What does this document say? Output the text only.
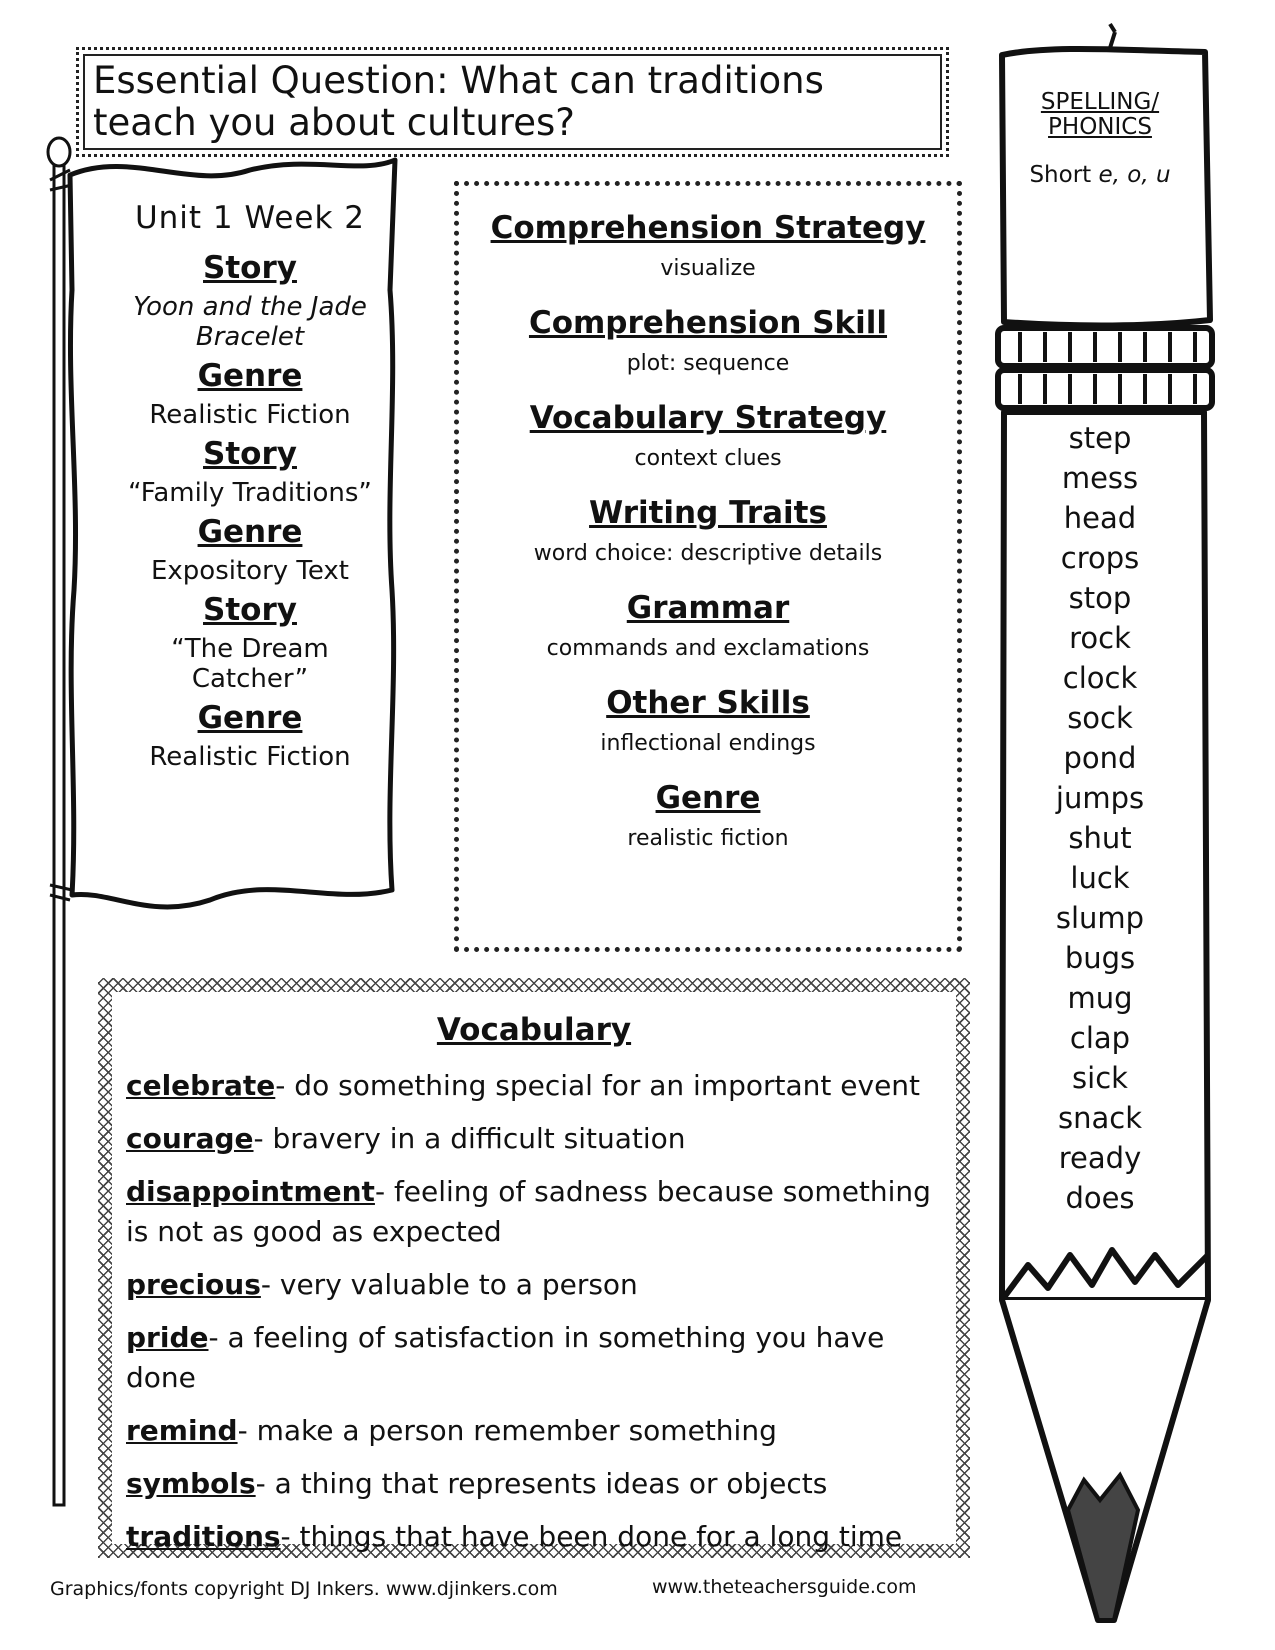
Essential Question: What can traditions teach you about cultures?
Unit 1 Week 2
Story
Yoon and the Jade Bracelet
Genre
Realistic Fiction
Story
“Family Traditions”
Genre
Expository Text
Story
“The Dream Catcher”
Genre
Realistic Fiction
Comprehension Strategy
visualize
Comprehension Skill
plot: sequence
Vocabulary Strategy
context clues
Writing Traits
word choice: descriptive details
Grammar
commands and exclamations
Other Skills
inflectional endings
Genre
realistic fiction
Vocabulary
celebrate- do something special for an important event
courage- bravery in a difficult situation
disappointment- feeling of sadness because something is not as good as expected
precious- very valuable to a person
pride- a feeling of satisfaction in something you have done
remind- make a person remember something
symbols- a thing that represents ideas or objects
traditions- things that have been done for a long time
SPELLING/
PHONICS
Short e, o, u
step
mess
head
crops
stop
rock
clock
sock
pond
jumps
shut
luck
slump
bugs
mug
clap
sick
snack
ready
does
Graphics/fonts copyright DJ Inkers. www.djinkers.com	www.theteachersguide.com
